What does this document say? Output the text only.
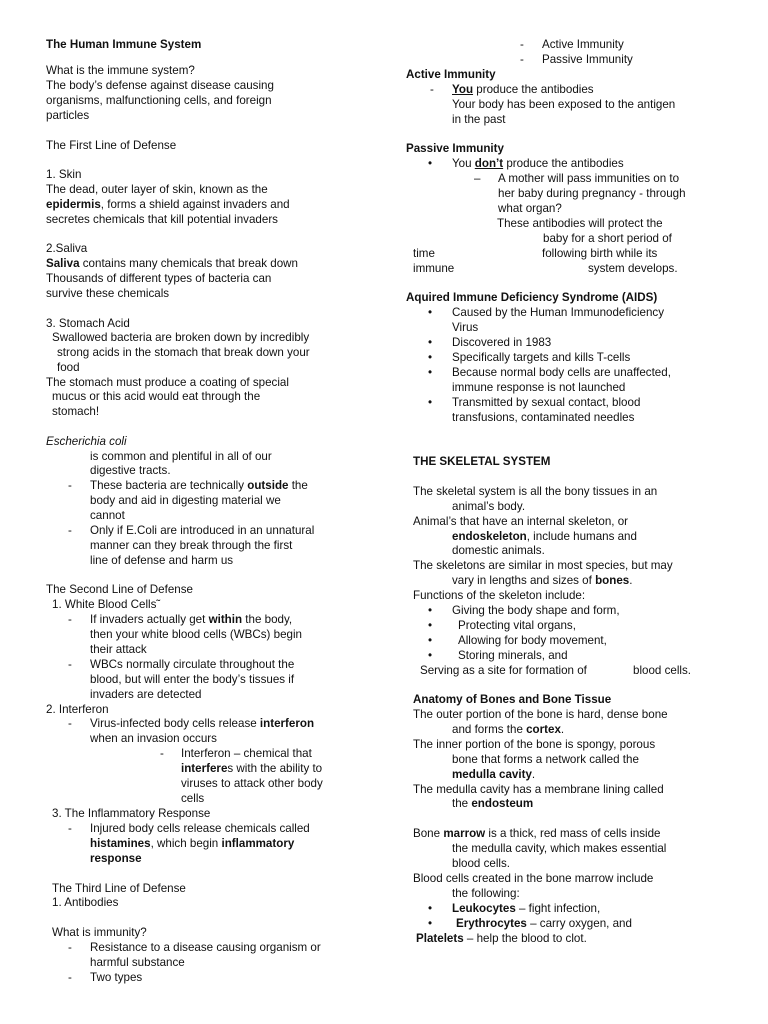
The Human Immune System
What is the immune system?
The body’s defense against disease causing
organisms, malfunctioning cells, and foreign
particles
The First Line of Defense
1. Skin
The dead, outer layer of skin, known as the
epidermis, forms a shield against invaders and
secretes chemicals that kill potential invaders
2.Saliva
Saliva contains many chemicals that break down
Thousands of different types of bacteria can
survive these chemicals
3. Stomach Acid
Swallowed bacteria are broken down by incredibly
strong acids in the stomach that break down your
food
The stomach must produce a coating of special
mucus or this acid would eat through the
stomach!
Escherichia coli
is common and plentiful in all of our
digestive tracts.
- These bacteria are technically outside the
body and aid in digesting material we
cannot
- Only if E.Coli are introduced in an unnatural
manner can they break through the first
line of defense and harm us
The Second Line of Defense
1. White Blood Cells˜
- If invaders actually get within the body,
then your white blood cells (WBCs) begin
their attack
- WBCs normally circulate throughout the
blood, but will enter the body’s tissues if
invaders are detected
2. Interferon
- Virus-infected body cells release interferon
when an invasion occurs
- Interferon – chemical that
interferes with the ability to
viruses to attack other body
cells
3. The Inflammatory Response
- Injured body cells release chemicals called
histamines, which begin inflammatory
response
The Third Line of Defense
1. Antibodies
What is immunity?
- Resistance to a disease causing organism or
harmful substance
- Two types
- Active Immunity
- Passive Immunity
Active Immunity
- You produce the antibodies
Your body has been exposed to the antigen
in the past
Passive Immunity
• You don’t produce the antibodies
– A mother will pass immunities on to
her baby during pregnancy - through
what organ?
These antibodies will protect the
baby for a short period of
time	following birth while its
immune	system develops.
Aquired Immune Deficiency Syndrome (AIDS)
• Caused by the Human Immunodeficiency
Virus
• Discovered in 1983
• Specifically targets and kills T-cells
• Because normal body cells are unaffected,
immune response is not launched
• Transmitted by sexual contact, blood
transfusions, contaminated needles
THE SKELETAL SYSTEM
The skeletal system is all the bony tissues in an
animal’s body.
Animal’s that have an internal skeleton, or
endoskeleton, include humans and
domestic animals.
The skeletons are similar in most species, but may
vary in lengths and sizes of bones.
Functions of the skeleton include:
• Giving the body shape and form,
• Protecting vital organs,
• Allowing for body movement,
• Storing minerals, and
Serving as a site for formation of	blood cells.
Anatomy of Bones and Bone Tissue
The outer portion of the bone is hard, dense bone
and forms the cortex.
The inner portion of the bone is spongy, porous
bone that forms a network called the
medulla cavity.
The medulla cavity has a membrane lining called
the endosteum
Bone marrow is a thick, red mass of cells inside
the medulla cavity, which makes essential
blood cells.
Blood cells created in the bone marrow include
the following:
• Leukocytes – fight infection,
• Erythrocytes – carry oxygen, and
Platelets – help the blood to clot.
